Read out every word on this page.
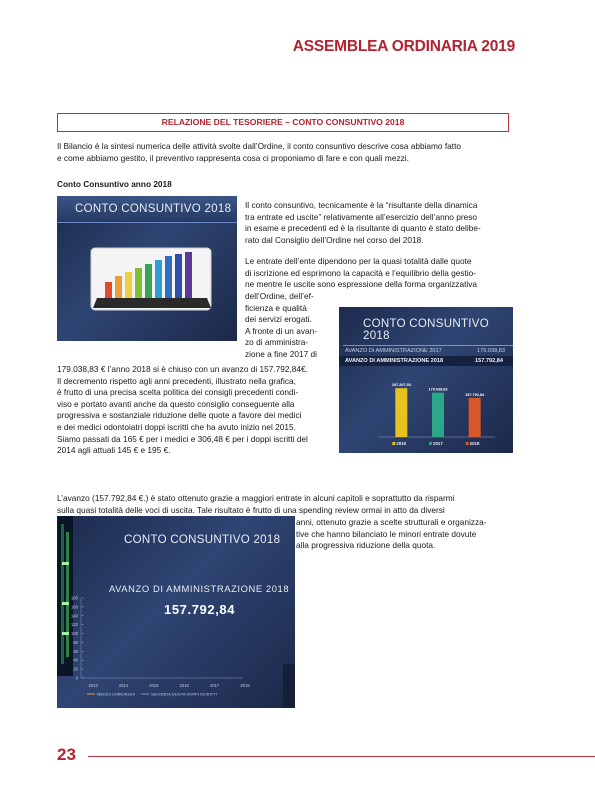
ASSEMBLEA ORDINARIA 2019
RELAZIONE DEL TESORIERE – CONTO CONSUNTIVO 2018
Il Bilancio è la sintesi numerica delle attività svolte dall’Ordine, il conto consuntivo descrive cosa abbiamo fatto
e come abbiamo gestito, il preventivo rappresenta cosa ci proponiamo di fare e con quali mezzi.
Conto Consuntivo anno 2018
CONTO CONSUNTIVO 2018 Il conto consuntivo, tecnicamente è la “risultante della dinamica
tra entrate ed uscite” relativamente all’esercizio dell’anno preso
in esame e precedenti ed è la risultante di quanto è stato delibe-
rato dal Consiglio dell’Ordine nel corso del 2018.
Le entrate dell’ente dipendono per la quasi totalità dalle quote
di iscrizione ed esprimono la capacità e l’equilibrio della gestio-
ne mentre le uscite sono espressione della forma organizzativa
dell’Ordine, dell’ef-
ficienza e qualità
dei servizi erogati.
A fronte di un avan-
zo di amministra-
zione a fine 2017 di
179.038,83 € l’anno 2018 si è chiuso con un avanzo di 157.792,84€.
Il decremento rispetto agli anni precedenti, illustrato nella grafica,
è frutto di una precisa scelta politica dei consigli precedenti condi-
viso e portato avanti anche da questo consiglio conseguente alla
progressiva e sostanziale riduzione delle quote a favore dei medici
e dei medici odontoiatri doppi iscritti che ha avuto inizio nel 2015.
Siamo passati da 165 € per i medici e 306,48 € per i doppi iscritti del
2014 agli attuali 145 € e 195 €.
CONTO CONSUNTIVO 2018
AVANZO DI AMMINISTRAZIONE 2017	179.038,83
AVANZO DI AMMINISTRAZIONE 2018	157.792,84
197.207,93
2016
179.038,83
2017
157.792,84
2018
L’avanzo (157.792,84 €.) è stato ottenuto grazie a maggiori entrate in alcuni capitoli e soprattutto da risparmi
sulla quasi totalità delle voci di uscita. Tale risultato è frutto di una spending review ormai in atto da diversi
anni, ottenuto grazie a scelte strutturali e organizza-
tive che hanno bilanciato le minori entrate dovute
alla progressiva riduzione della quota.
CONTO CONSUNTIVO 2018
AVANZO DI AMMINISTRAZIONE 2018
157.792,84
0
20
40
60
80
100
120
140
160
180
2013	2014	2015	2016	2017	2018
MEDICI CHIRURGHI	SECONDA QUOTA DOPPI ISCRITTI
23
